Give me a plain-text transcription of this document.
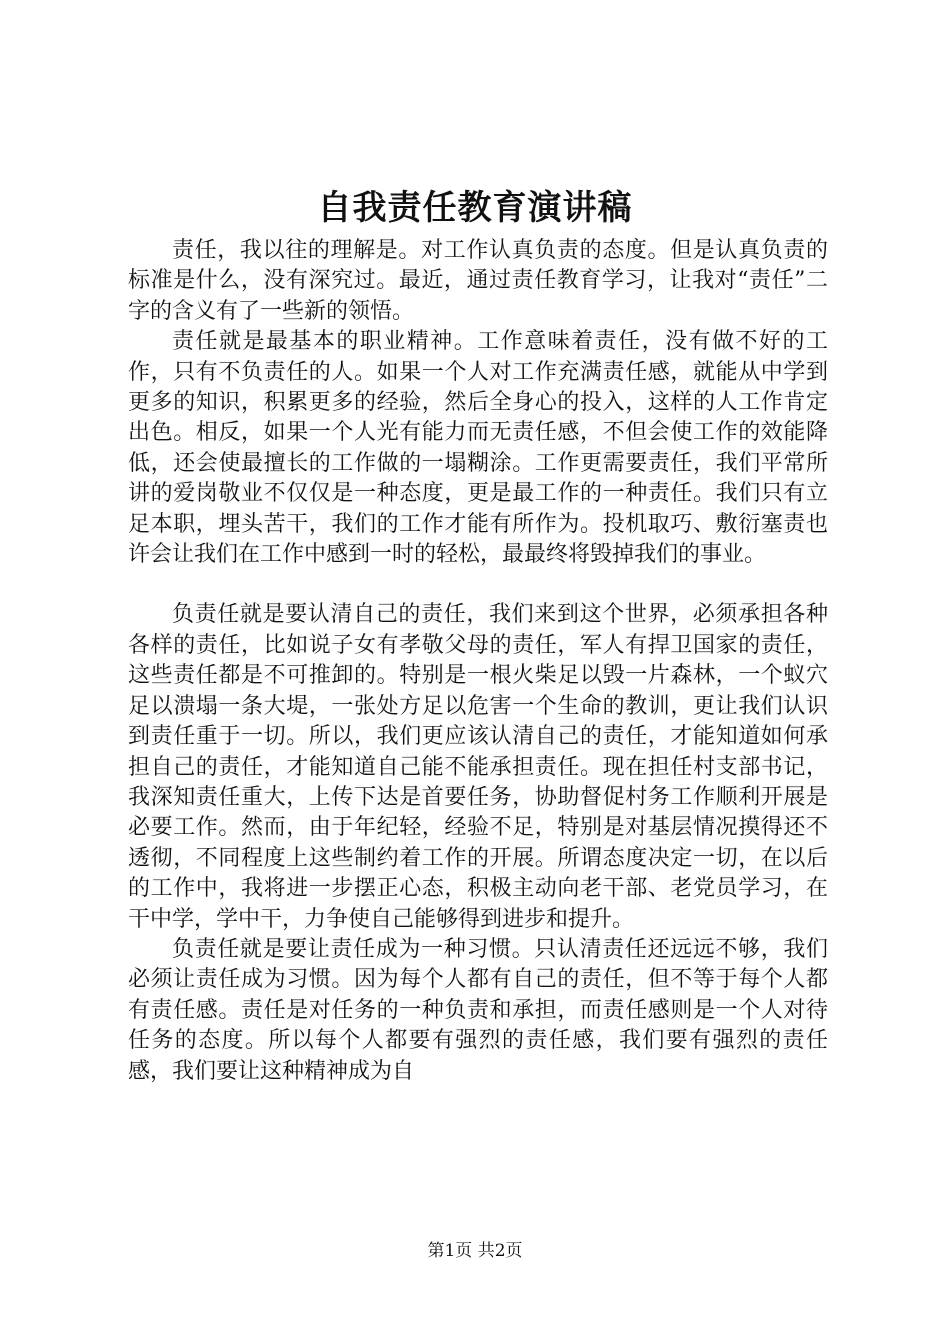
自我责任教育演讲稿

责任，我以往的理解是。对工作认真负责的态度。但是认真负责的标准是什么，没有深究过。最近，通过责任教育学习，让我对“责任”二字的含义有了一些新的领悟。

责任就是最基本的职业精神。工作意味着责任，没有做不好的工作，只有不负责任的人。如果一个人对工作充满责任感，就能从中学到更多的知识，积累更多的经验，然后全身心的投入，这样的人工作肯定出色。相反，如果一个人光有能力而无责任感，不但会使工作的效能降低，还会使最擅长的工作做的一塌糊涂。工作更需要责任，我们平常所讲的爱岗敬业不仅仅是一种态度，更是最工作的一种责任。我们只有立足本职，埋头苦干，我们的工作才能有所作为。投机取巧、敷衍塞责也许会让我们在工作中感到一时的轻松，最最终将毁掉我们的事业。

负责任就是要认清自己的责任，我们来到这个世界，必须承担各种各样的责任，比如说子女有孝敬父母的责任，军人有捍卫国家的责任，这些责任都是不可推卸的。特别是一根火柴足以毁一片森林，一个蚁穴足以溃塌一条大堤，一张处方足以危害一个生命的教训，更让我们认识到责任重于一切。所以，我们更应该认清自己的责任，才能知道如何承担自己的责任，才能知道自己能不能承担责任。现在担任村支部书记，我深知责任重大，上传下达是首要任务，协助督促村务工作顺利开展是必要工作。然而，由于年纪轻，经验不足，特别是对基层情况摸得还不透彻，不同程度上这些制约着工作的开展。所谓态度决定一切，在以后的工作中，我将进一步摆正心态，积极主动向老干部、老党员学习，在干中学，学中干，力争使自己能够得到进步和提升。

负责任就是要让责任成为一种习惯。只认清责任还远远不够，我们必须让责任成为习惯。因为每个人都有自己的责任，但不等于每个人都有责任感。责任是对任务的一种负责和承担，而责任感则是一个人对待任务的态度。所以每个人都要有强烈的责任感，我们要有强烈的责任感，我们要让这种精神成为自

第1页 共2页
